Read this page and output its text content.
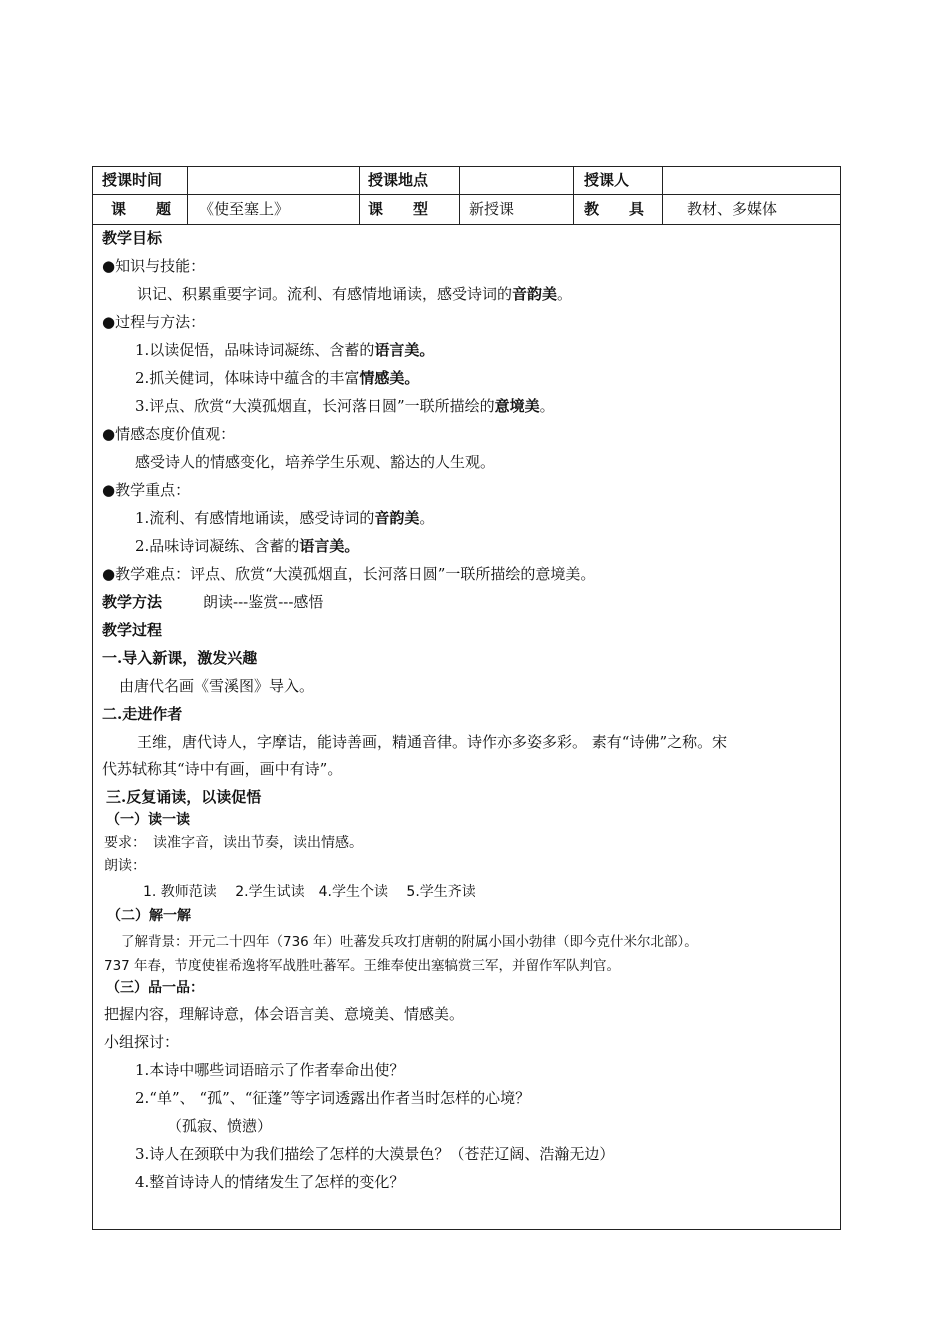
授课时间	授课地点	授课人
课　　题 《使至塞上》	课　　型	新授课	教　　具	教材、多媒体
教学目标
●知识与技能：
识记、积累重要字词。流利、有感情地诵读，感受诗词的音韵美。
●过程与方法：
1.以读促悟，品味诗词凝练、含蓄的语言美。
2.抓关健词，体味诗中蕴含的丰富情感美。
3.评点、欣赏“大漠孤烟直，长河落日圆”一联所描绘的意境美。
●情感态度价值观：
感受诗人的情感变化，培养学生乐观、豁达的人生观。
●教学重点：
1.流利、有感情地诵读，感受诗词的音韵美。
2.品味诗词凝练、含蓄的语言美。
●教学难点：评点、欣赏“大漠孤烟直，长河落日圆”一联所描绘的意境美。
教学方法	朗读---鉴赏---感悟
教学过程
一.导入新课，激发兴趣
由唐代名画《雪溪图》导入。
二.走进作者
王维，唐代诗人，字摩诘，能诗善画，精通音律。诗作亦多姿多彩。 素有“诗佛”之称。宋
代苏轼称其“诗中有画，画中有诗”。
三.反复诵读，以读促悟
（一）读一读
要求：　读准字音，读出节奏，读出情感。
朗读：
1. 教师范读　 2.学生试读　4.学生个读　 5.学生齐读
（二）解一解
了解背景：开元二十四年（736 年）吐蕃发兵攻打唐朝的附属小国小勃律（即今克什米尔北部）。
737 年春，节度使崔希逸将军战胜吐蕃军。王维奉使出塞犒赏三军，并留作军队判官。
（三）品一品：
把握内容，理解诗意，体会语言美、意境美、情感美。
小组探讨：
1.本诗中哪些词语暗示了作者奉命出使？
2.“单”、 “孤”、“征蓬”等字词透露出作者当时怎样的心境？
（孤寂、愤懑）
3.诗人在颈联中为我们描绘了怎样的大漠景色？（苍茫辽阔、浩瀚无边）
4.整首诗诗人的情绪发生了怎样的变化？
